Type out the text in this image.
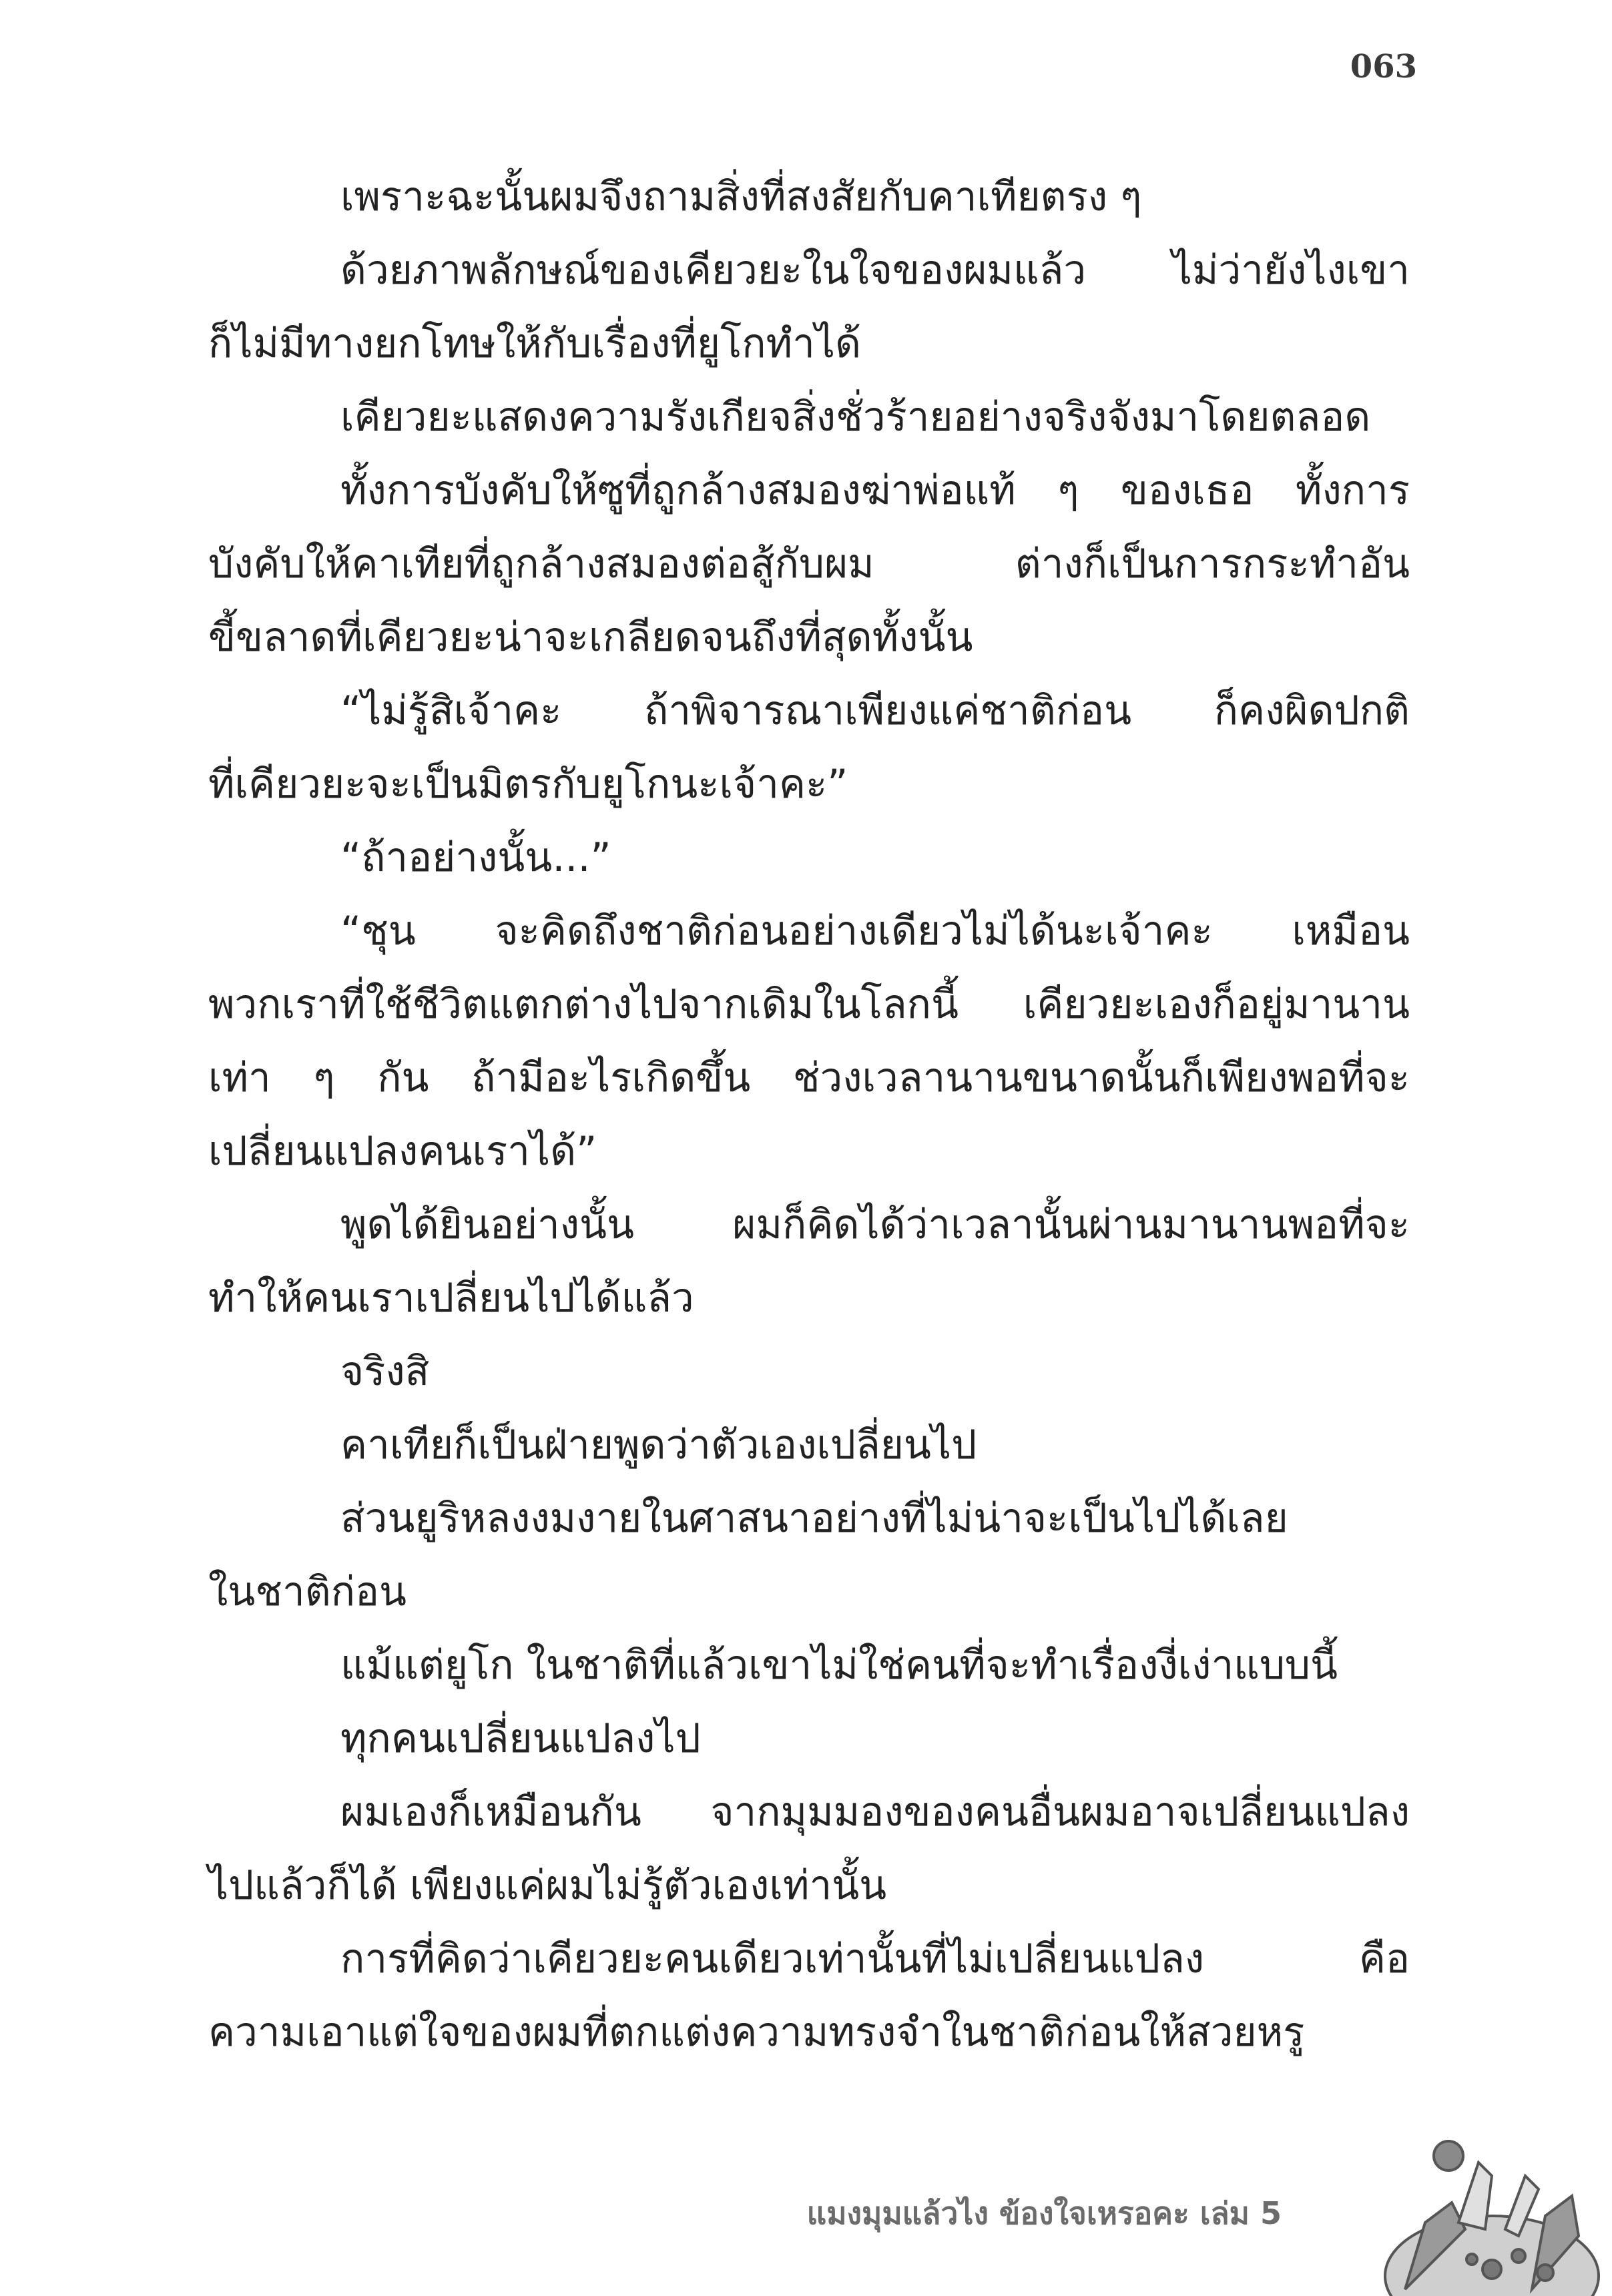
063
เพราะฉะนั้นผมจึงถามสิ่งที่สงสัยกับคาเทียตรง ๆ
ด้วยภาพลักษณ์ของเคียวยะในใจของผมแล้ว ไม่ว่ายังไงเขา
ก็ไม่มีทางยกโทษให้กับเรื่องที่ยูโกทำได้
เคียวยะแสดงความรังเกียจสิ่งชั่วร้ายอย่างจริงจังมาโดยตลอด
ทั้งการบังคับให้ซูที่ถูกล้างสมองฆ่าพ่อแท้ ๆ ของเธอ ทั้งการ
บังคับให้คาเทียที่ถูกล้างสมองต่อสู้กับผม ต่างก็เป็นการกระทำอัน
ขี้ขลาดที่เคียวยะน่าจะเกลียดจนถึงที่สุดทั้งนั้น
“ไม่รู้สิเจ้าคะ ถ้าพิจารณาเพียงแค่ชาติก่อน ก็คงผิดปกติ
ที่เคียวยะจะเป็นมิตรกับยูโกนะเจ้าคะ”
“ถ้าอย่างนั้น...”
“ชุน จะคิดถึงชาติก่อนอย่างเดียวไม่ได้นะเจ้าคะ เหมือน
พวกเราที่ใช้ชีวิตแตกต่างไปจากเดิมในโลกนี้ เคียวยะเองก็อยู่มานาน
เท่า ๆ กัน ถ้ามีอะไรเกิดขึ้น ช่วงเวลานานขนาดนั้นก็เพียงพอที่จะ
เปลี่ยนแปลงคนเราได้”
พูดได้ยินอย่างนั้น ผมก็คิดได้ว่าเวลานั้นผ่านมานานพอที่จะ
ทำให้คนเราเปลี่ยนไปได้แล้ว
จริงสิ
คาเทียก็เป็นฝ่ายพูดว่าตัวเองเปลี่ยนไป
ส่วนยูริหลงงมงายในศาสนาอย่างที่ไม่น่าจะเป็นไปได้เลย
ในชาติก่อน
แม้แต่ยูโก ในชาติที่แล้วเขาไม่ใช่คนที่จะทำเรื่องงี่เง่าแบบนี้
ทุกคนเปลี่ยนแปลงไป
ผมเองก็เหมือนกัน จากมุมมองของคนอื่นผมอาจเปลี่ยนแปลง
ไปแล้วก็ได้ เพียงแค่ผมไม่รู้ตัวเองเท่านั้น
การที่คิดว่าเคียวยะคนเดียวเท่านั้นที่ไม่เปลี่ยนแปลง คือ
ความเอาแต่ใจของผมที่ตกแต่งความทรงจำในชาติก่อนให้สวยหรู
แมงมุมแล้วไง ข้องใจเหรอคะ เล่ม 5
